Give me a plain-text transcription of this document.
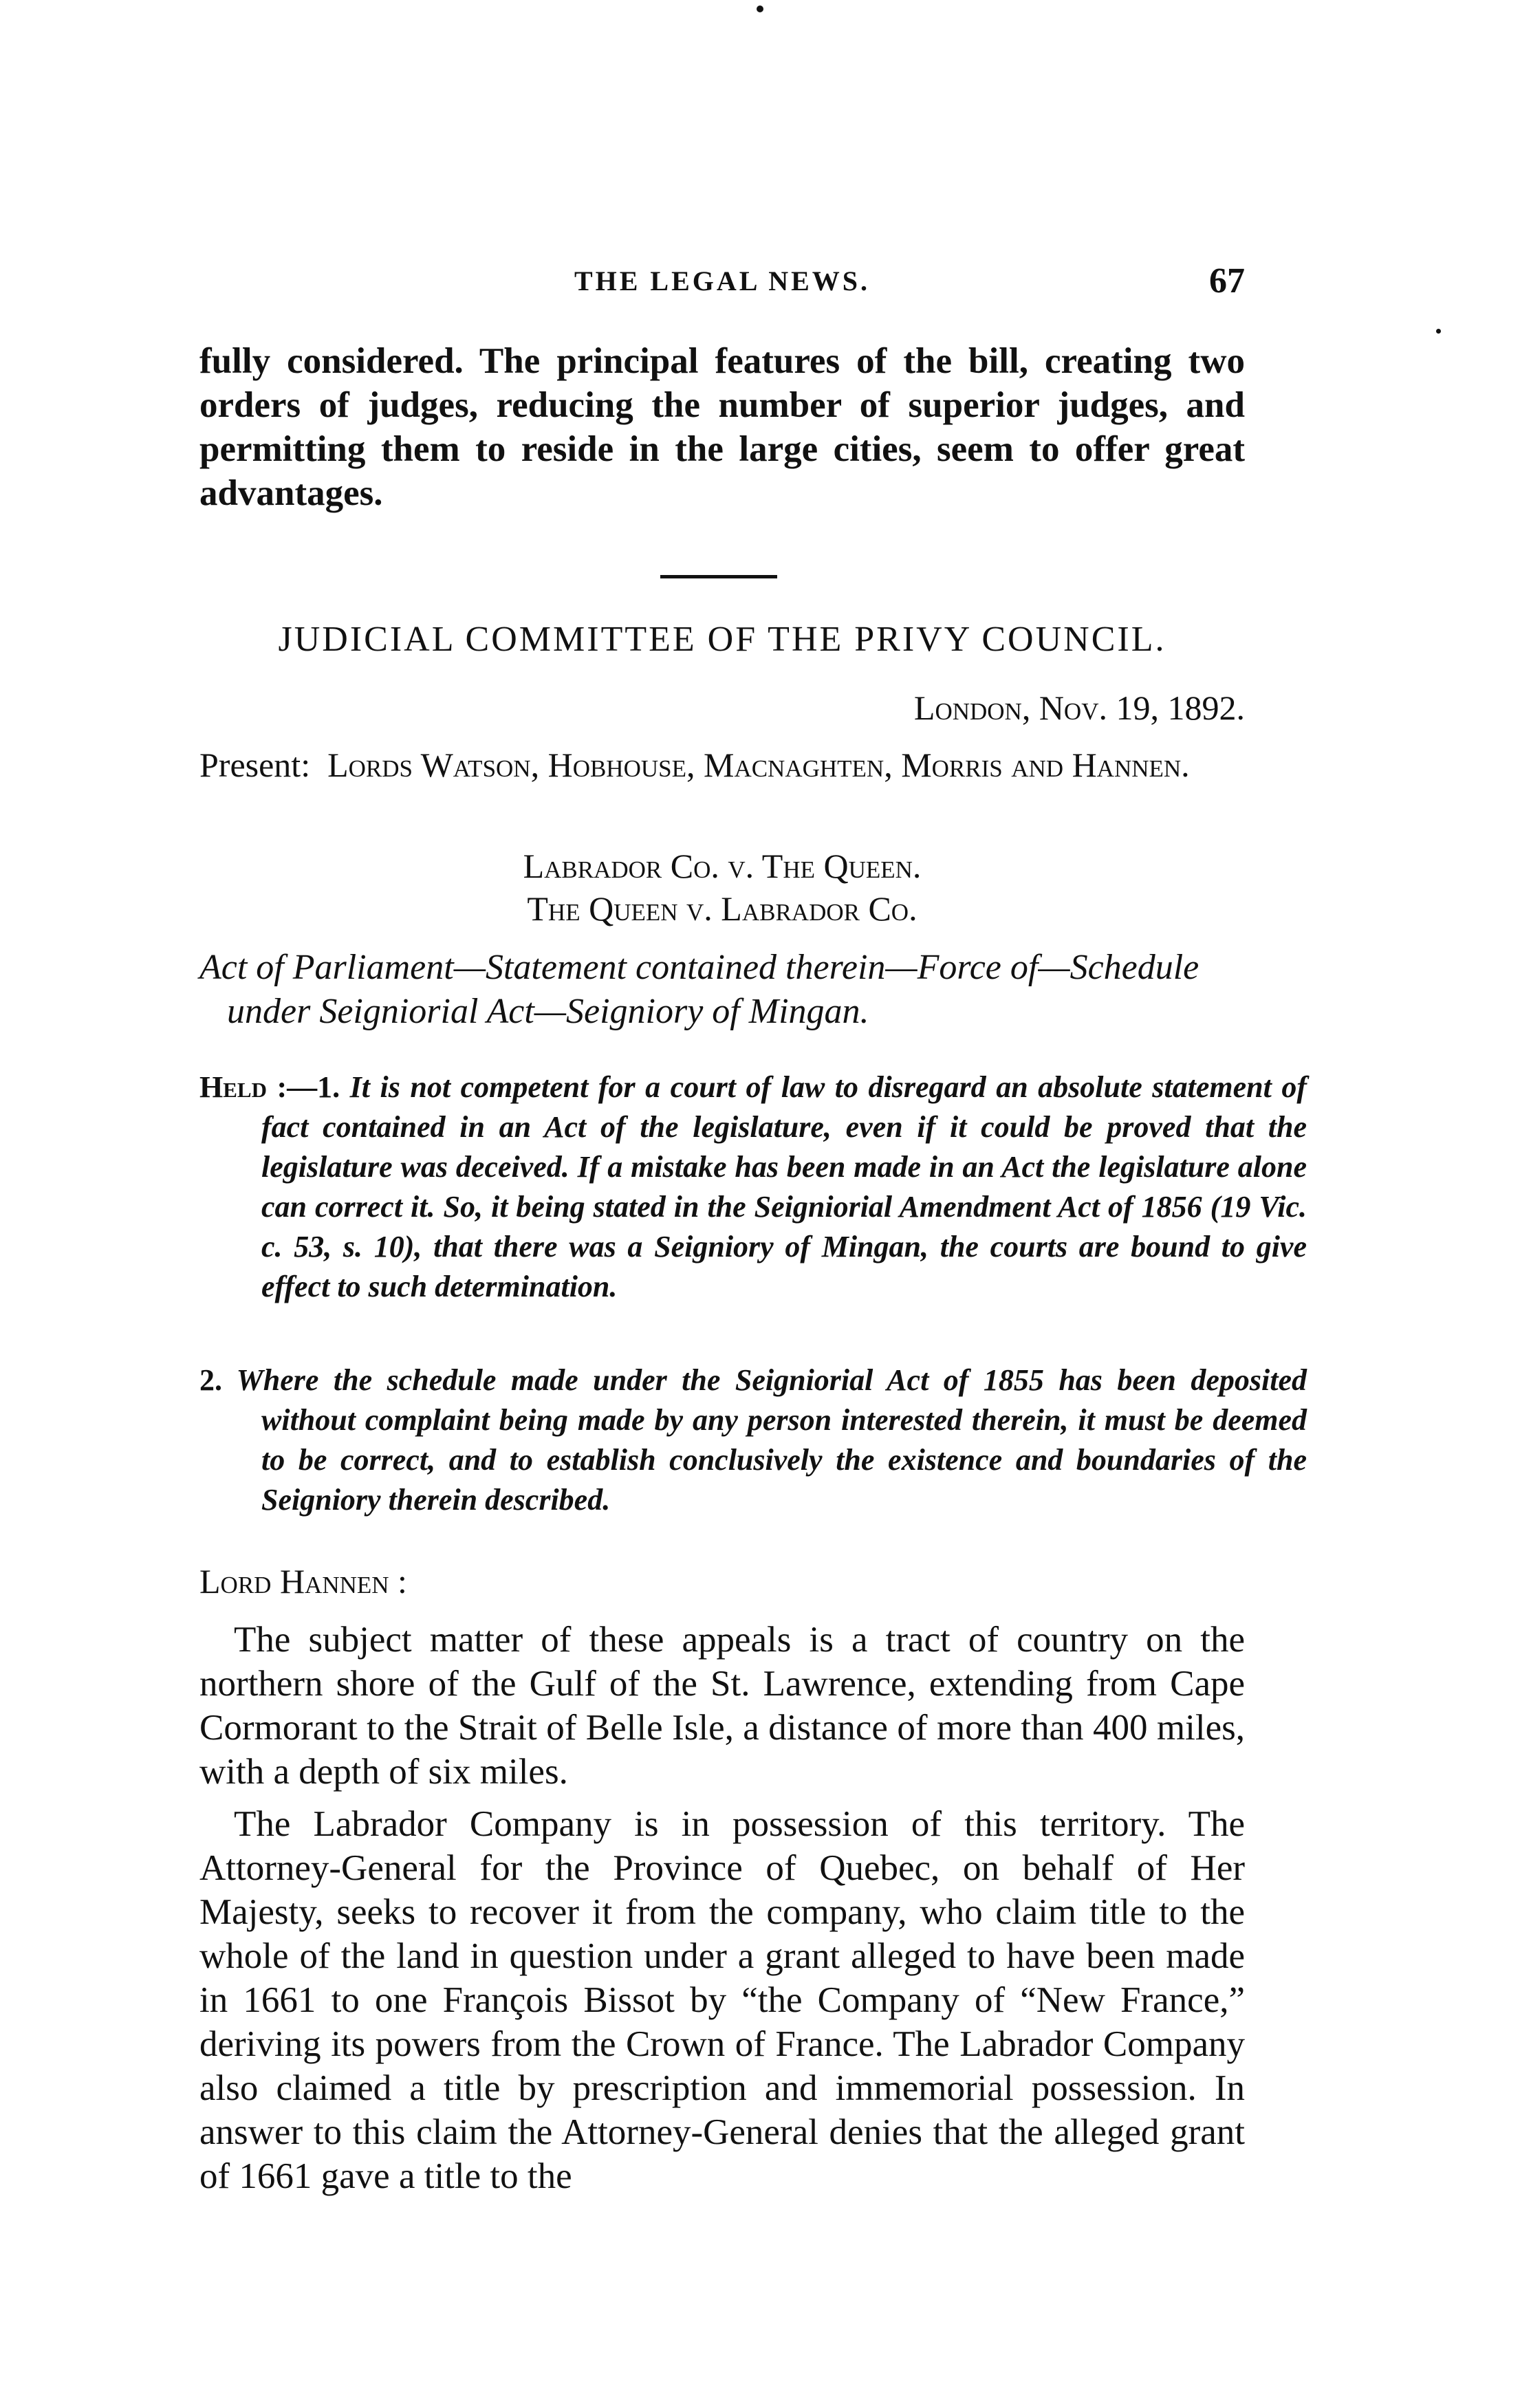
THE LEGAL NEWS.	67

fully considered. The principal features of the bill, creating two orders of judges, reducing the number of superior judges, and permitting them to reside in the large cities, seem to offer great advantages.

JUDICIAL COMMITTEE OF THE PRIVY COUNCIL.

London, Nov. 19, 1892.

Present: Lords Watson, Hobhouse, Macnaghten, Morris and Hannen.

Labrador Co. v. The Queen.

The Queen v. Labrador Co.

Act of Parliament—Statement contained therein—Force of—Schedule under Seigniorial Act—Seigniory of Mingan.

Held :—1. It is not competent for a court of law to disregard an absolute statement of fact contained in an Act of the legislature, even if it could be proved that the legislature was deceived. If a mistake has been made in an Act the legislature alone can correct it. So, it being stated in the Seigniorial Amendment Act of 1856 (19 Vic. c. 53, s. 10), that there was a Seigniory of Mingan, the courts are bound to give effect to such determination.

2. Where the schedule made under the Seigniorial Act of 1855 has been deposited without complaint being made by any person interested therein, it must be deemed to be correct, and to establish conclusively the existence and boundaries of the Seigniory therein described.

Lord Hannen :

The subject matter of these appeals is a tract of country on the northern shore of the Gulf of the St. Lawrence, extending from Cape Cormorant to the Strait of Belle Isle, a distance of more than 400 miles, with a depth of six miles.

The Labrador Company is in possession of this territory. The Attorney-General for the Province of Quebec, on behalf of Her Majesty, seeks to recover it from the company, who claim title to the whole of the land in question under a grant alleged to have been made in 1661 to one François Bissot by “the Company of “New France,” deriving its powers from the Crown of France. The Labrador Company also claimed a title by prescription and immemorial possession. In answer to this claim the Attorney-General denies that the alleged grant of 1661 gave a title to the
